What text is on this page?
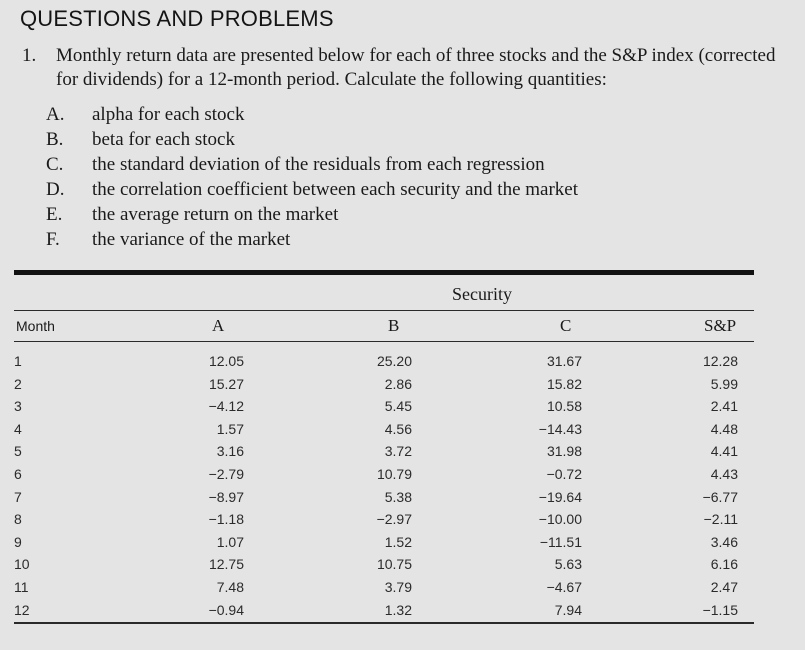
QUESTIONS AND PROBLEMS
1. Monthly return data are presented below for each of three stocks and the S&P index (corrected for dividends) for a 12-month period. Calculate the following quantities:
A. alpha for each stock
B. beta for each stock
C. the standard deviation of the residuals from each regression
D. the correlation coefficient between each security and the market
E. the average return on the market
F. the variance of the market
Security
Month	A	B	C	S&P
1	12.05	25.20	31.67	12.28
2	15.27	2.86	15.82	5.99
3	−4.12	5.45	10.58	2.41
4	1.57	4.56	−14.43	4.48
5	3.16	3.72	31.98	4.41
6	−2.79	10.79	−0.72	4.43
7	−8.97	5.38	−19.64	−6.77
8	−1.18	−2.97	−10.00	−2.11
9	1.07	1.52	−11.51	3.46
10	12.75	10.75	5.63	6.16
11	7.48	3.79	−4.67	2.47
12	−0.94	1.32	7.94	−1.15
